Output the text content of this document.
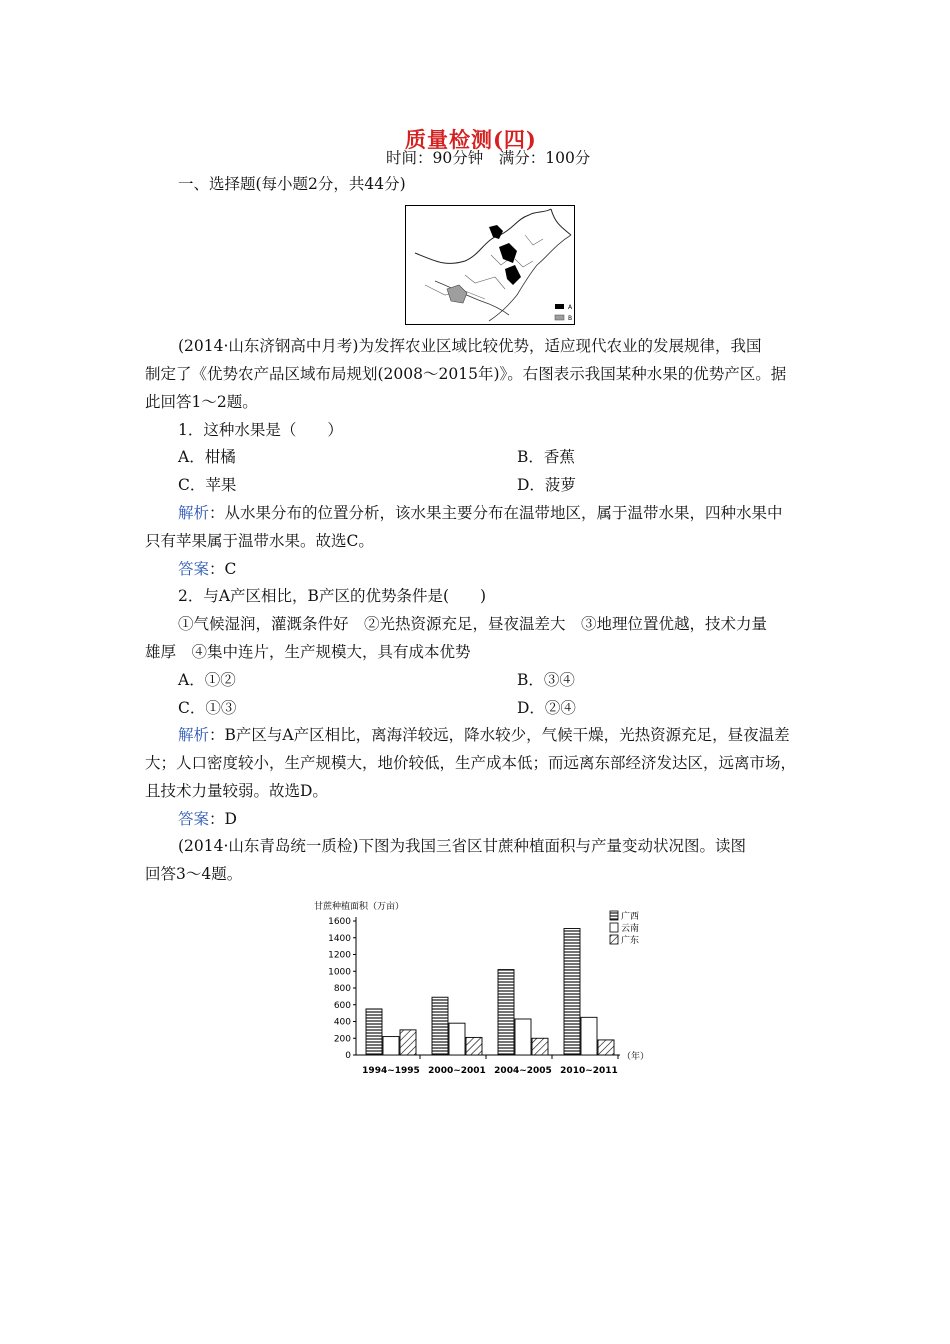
质量检测(四)
时间：90分钟　满分：100分
一、选择题(每小题2分，共44分)
A
B
(2014·山东济钢高中月考)为发挥农业区域比较优势，适应现代农业的发展规律，我国
制定了《优势农产品区域布局规划(2008～2015年)》。右图表示我国某种水果的优势产区。据
此回答1～2题。
1．这种水果是（　　）
A．柑橘	B．香蕉
C．苹果	D．菠萝
解析：从水果分布的位置分析，该水果主要分布在温带地区，属于温带水果，四种水果中
只有苹果属于温带水果。故选C。
答案：C
2．与A产区相比，B产区的优势条件是(　　)
①气候湿润，灌溉条件好　②光热资源充足，昼夜温差大　③地理位置优越，技术力量
雄厚　④集中连片，生产规模大，具有成本优势
A．①②	B．③④
C．①③	D．②④
解析：B产区与A产区相比，离海洋较远，降水较少，气候干燥，光热资源充足，昼夜温差
大；人口密度较小，生产规模大，地价较低，生产成本低；而远离东部经济发达区，远离市场，
且技术力量较弱。故选D。
答案：D
(2014·山东青岛统一质检)下图为我国三省区甘蔗种植面积与产量变动状况图。读图
回答3～4题。
甘蔗种植面积（万亩）
0
200
400
600
800
1000
1200
1400
1600
（年）
1994~1995 2000~2001 2004~2005 2010~2011
广西
云南
广东
